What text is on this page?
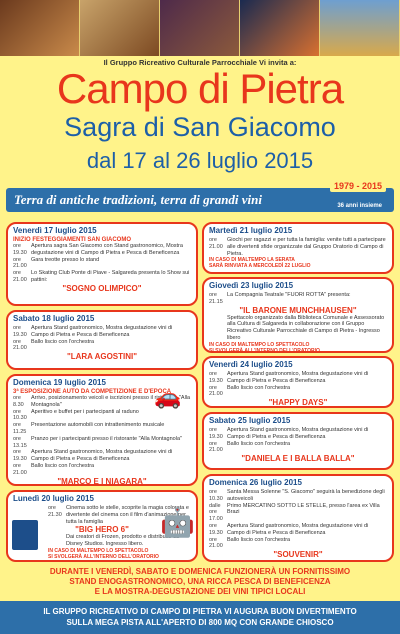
Il Gruppo Ricreativo Culturale Parrocchiale Vi invita a:
Campo di Pietra
Sagra di San Giacomo
dal 17 al 26 luglio 2015
Terra di antiche tradizioni, terra di grandi vini
1979 - 2015
36 anni insieme
Venerdì 17 luglio 2015
INIZIO FESTEGGIAMENTI SAN GIACOMO
ore 19.30
Apertura sagra San Giacomo con Stand gastronomico, Mostra degustazione vini di Campo di Pietra e Pesca di Beneficenza
ore 21.00
Gara treotte presso lo stand
ore 21.00
Lo Skating Club Ponte di Piave - Salgareda presenta lo Show sui pattini:
"SOGNO OLIMPICO"
Sabato 18 luglio 2015
ore 19.30
Apertura Stand gastronomico, Mostra degustazione vini di Campo di Pietra e Pesca di Beneficenza
ore 21.00
Ballo liscio con l'orchestra
"LARA AGOSTINI"
Domenica 19 luglio 2015
3ª ESPOSIZIONE AUTO DA COMPETIZIONE E D'EPOCA
ore 8.30
Arrivo, posizionamento veicoli e iscrizioni presso il ristorante "Alla Montagnola"
ore 10.30
Aperitivo e buffet per i partecipanti al raduno
ore 11.25
Presentazione automobili con intrattenimento musicale
ore 13.15
Pranzo per i partecipanti presso il ristorante "Alla Montagnola"
ore 19.30
Apertura Stand gastronomico, Mostra degustazione vini di Campo di Pietra e Pesca di Beneficenza
ore 21.00
Ballo liscio con l'orchestra
"MARCO E I NIAGARA"
🚗
Lunedì 20 luglio 2015
ore 21.30
Cinema sotto le stelle, scoprite la magia colorata e divertente del cinema con il film d'animazione per tutta la famiglia
"BIG HERO 6"
Dai creatori di Frozen, prodotto e distribuito da Disney Studios. Ingresso libero.
IN CASO DI MALTEMPO LO SPETTACOLO
SI SVOLGERÀ ALL'INTERNO DELL'ORATORIO
🤖
Martedì 21 luglio 2015
ore 21.00
Giochi per ragazzi e per tutta la famiglia: venite tutti a partecipare alle divertenti sfide organizzate dal Gruppo Oratorio di Campo di Pietra.
IN CASO DI MALTEMPO LA SERATA
SARÀ RINVIATA A MERCOLEDÌ 22 LUGLIO
Giovedì 23 luglio 2015
ore 21.15
La Compagnia Teatrale "FUORI ROTTA" presenta:
"IL BARONE MUNCHHAUSEN"
Spettacolo organizzato dalla Biblioteca Comunale e Assessorato alla Cultura di Salgareda in collaborazione con il Gruppo Ricreativo Culturale Parrocchiale di Campo di Pietra - Ingresso libero
IN CASO DI MALTEMPO LO SPETTACOLO
SI SVOLGERÀ ALL'INTERNO DELL'ORATORIO
Venerdì 24 luglio 2015
ore 19.30
Apertura Stand gastronomico, Mostra degustazione vini di Campo di Pietra e Pesca di Beneficenza
ore 21.00
Ballo liscio con l'orchestra
"HAPPY DAYS"
Sabato 25 luglio 2015
ore 19.30
Apertura Stand gastronomico, Mostra degustazione vini di Campo di Pietra e Pesca di Beneficenza
ore 21.00
Ballo liscio con l'orchestra
"DANIELA E I BALLA BALLA"
Domenica 26 luglio 2015
ore 10.30
Santa Messa Solenne "S. Giacomo" seguirà la benedizione degli autoveicoli
dalle ore 17.00
Primo MERCATINO SOTTO LE STELLE, presso l'area ex Villa Brazi
ore 19.30
Apertura Stand gastronomico, Mostra degustazione vini di Campo di Pietra e Pesca di Beneficenza
ore 21.00
Ballo liscio con l'orchestra
"SOUVENIR"
DURANTE I VENERDÌ, SABATO E DOMENICA FUNZIONERÀ UN FORNITISSIMO
STAND ENOGASTRONOMICO, UNA RICCA PESCA DI BENEFICENZA
E LA MOSTRA-DEGUSTAZIONE DEI VINI TIPICI LOCALI
IL GRUPPO RICREATIVO DI CAMPO DI PIETRA VI AUGURA BUON DIVERTIMENTO
SULLA MEGA PISTA ALL'APERTO DI 800 MQ CON GRANDE CHIOSCO
